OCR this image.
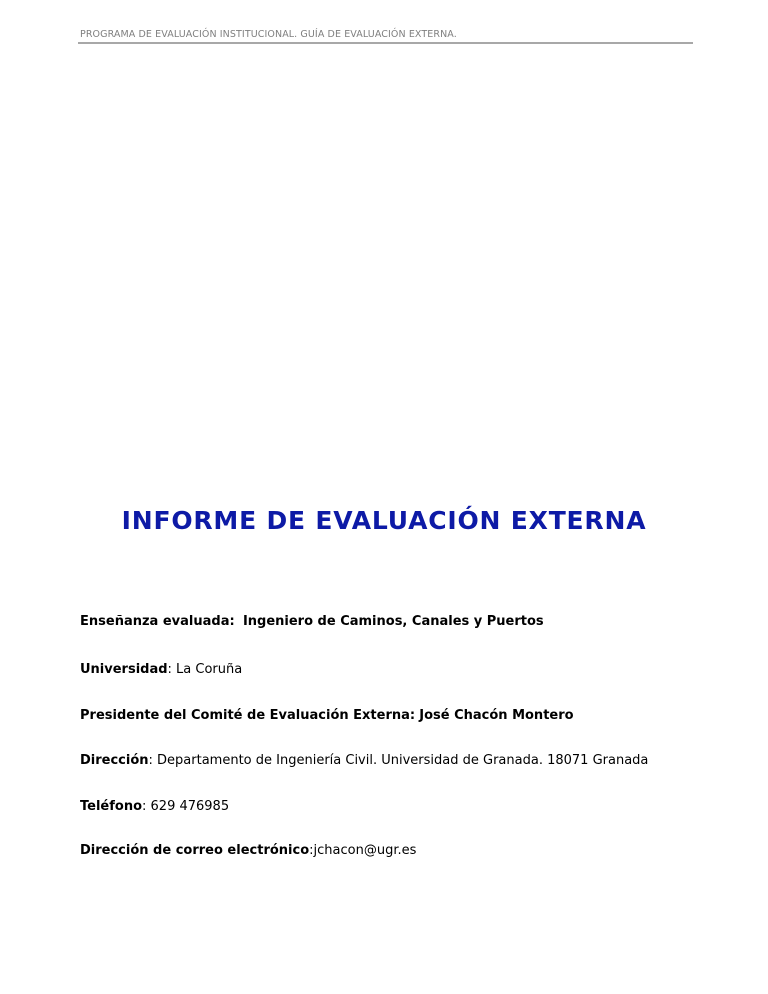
PROGRAMA DE EVALUACIÓN INSTITUCIONAL. GUÍA DE EVALUACIÓN EXTERNA.
INFORME DE EVALUACIÓN EXTERNA
Enseñanza evaluada: Ingeniero de Caminos, Canales y Puertos
Universidad: La Coruña
Presidente del Comité de Evaluación Externa: José Chacón Montero
Dirección: Departamento de Ingeniería Civil. Universidad de Granada. 18071 Granada
Teléfono: 629 476985
Dirección de correo electrónico:jchacon@ugr.es
